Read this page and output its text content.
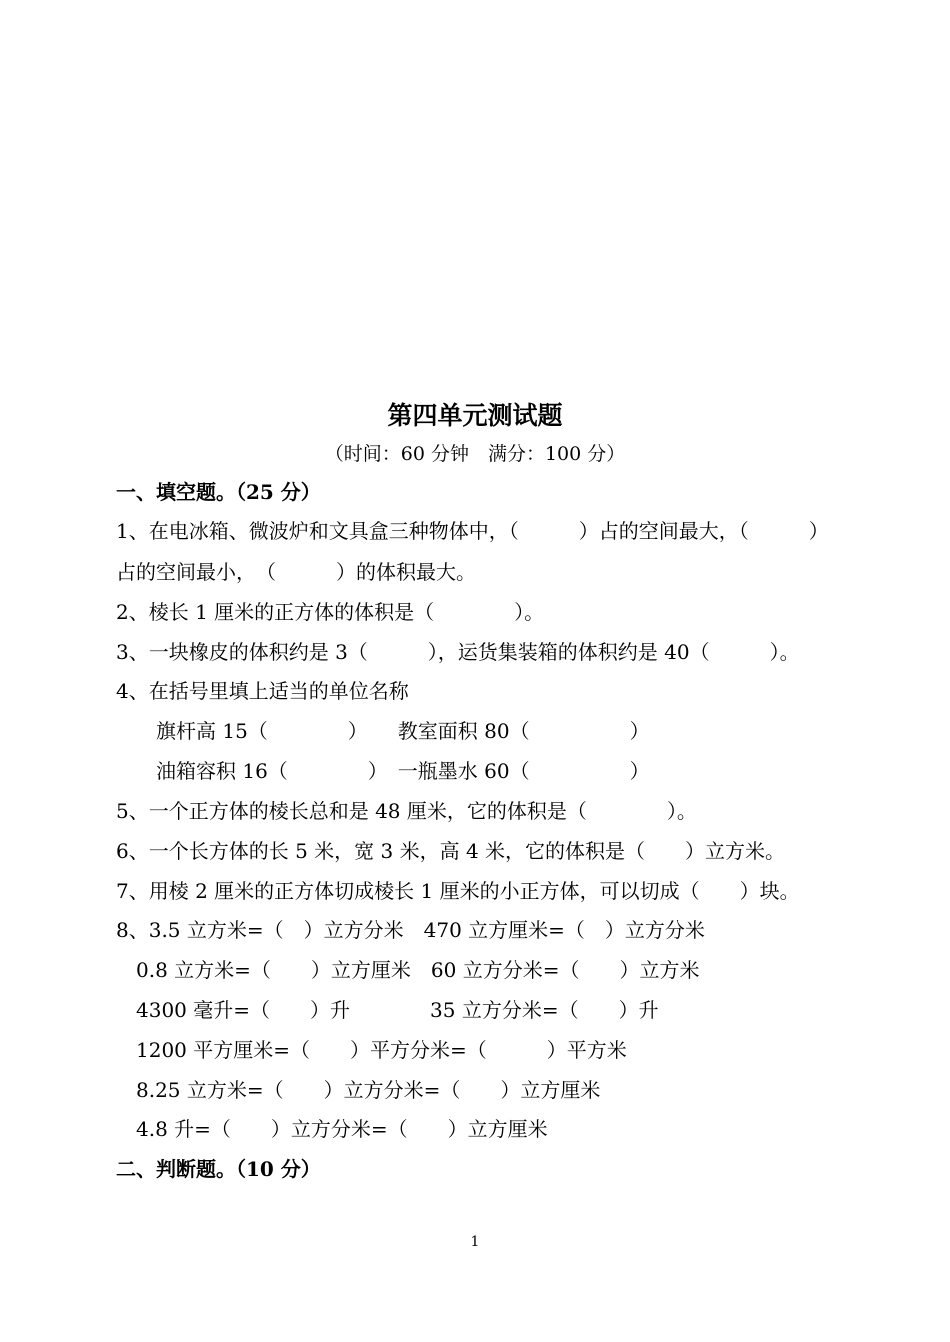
第四单元测试题
（时间：60 分钟　满分：100 分）
一、填空题。（25 分）
1、在电冰箱、微波炉和文具盒三种物体中，（　　　）占的空间最大，（　　　）
占的空间最小，　（　　　）的体积最大。
2、棱长 1 厘米的正方体的体积是（　　　　）。
3、一块橡皮的体积约是 3（　　　），运货集装箱的体积约是 40（　　　）。
4、在括号里填上适当的单位名称
　　旗杆高 15（　　　　）　　教室面积 80（　　　　　）
　　油箱容积 16（　　　　）　一瓶墨水 60（　　　　　）
5、一个正方体的棱长总和是 48 厘米，它的体积是（　　　　）。
6、一个长方体的长 5 米，宽 3 米，高 4 米，它的体积是（　　）立方米。
7、用棱 2 厘米的正方体切成棱长 1 厘米的小正方体，可以切成（　　）块。
8、3.5 立方米=（　）立方分米　470 立方厘米=（　）立方分米
　0.8 立方米=（　　）立方厘米　60 立方分米=（　　）立方米
　4300 毫升=（　　）升　　　　35 立方分米=（　　）升
　1200 平方厘米=（　　）平方分米=（　　　）平方米
　8.25 立方米=（　　）立方分米=（　　）立方厘米
　4.8 升=（　　）立方分米=（　　）立方厘米
二、判断题。（10 分）
1
